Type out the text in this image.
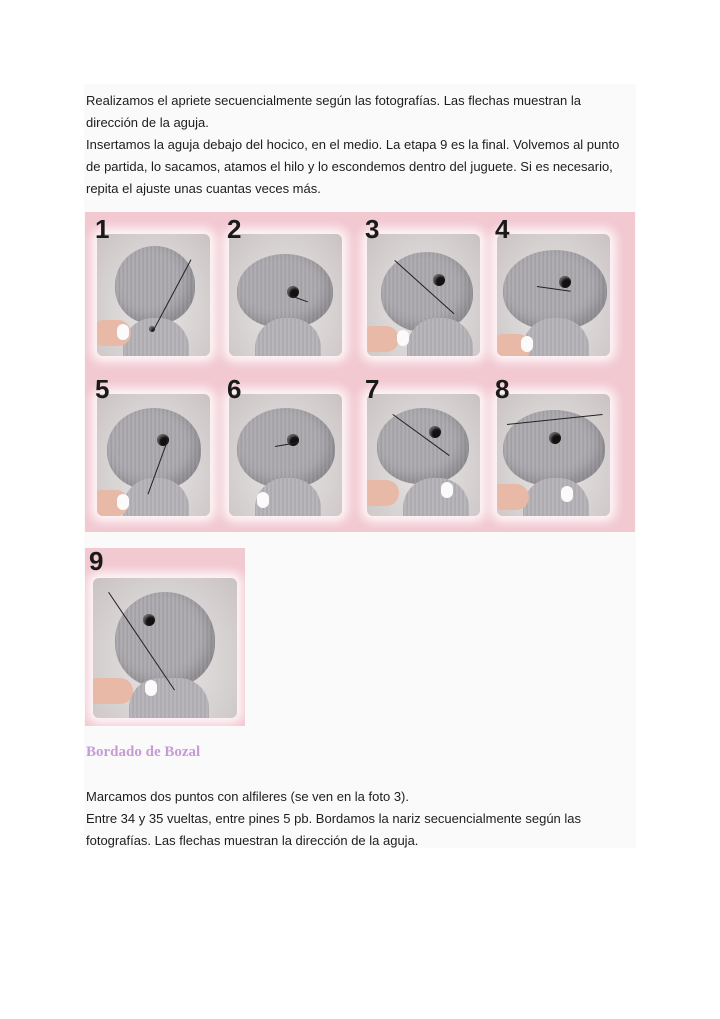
Realizamos el apriete secuencialmente según las fotografías. Las flechas muestran la dirección de la aguja.
Insertamos la aguja debajo del hocico, en el medio. La etapa 9 es la final. Volvemos al punto de partida, lo sacamos, atamos el hilo y lo escondemos dentro del juguete. Si es necesario, repita el ajuste unas cuantas veces más.
1	2	3	4
5	6	7	8
9
Bordado de Bozal
Marcamos dos puntos con alfileres (se ven en la foto 3).
Entre 34 y 35 vueltas, entre pines 5 pb. Bordamos la nariz secuencialmente según las fotografías. Las flechas muestran la dirección de la aguja.
